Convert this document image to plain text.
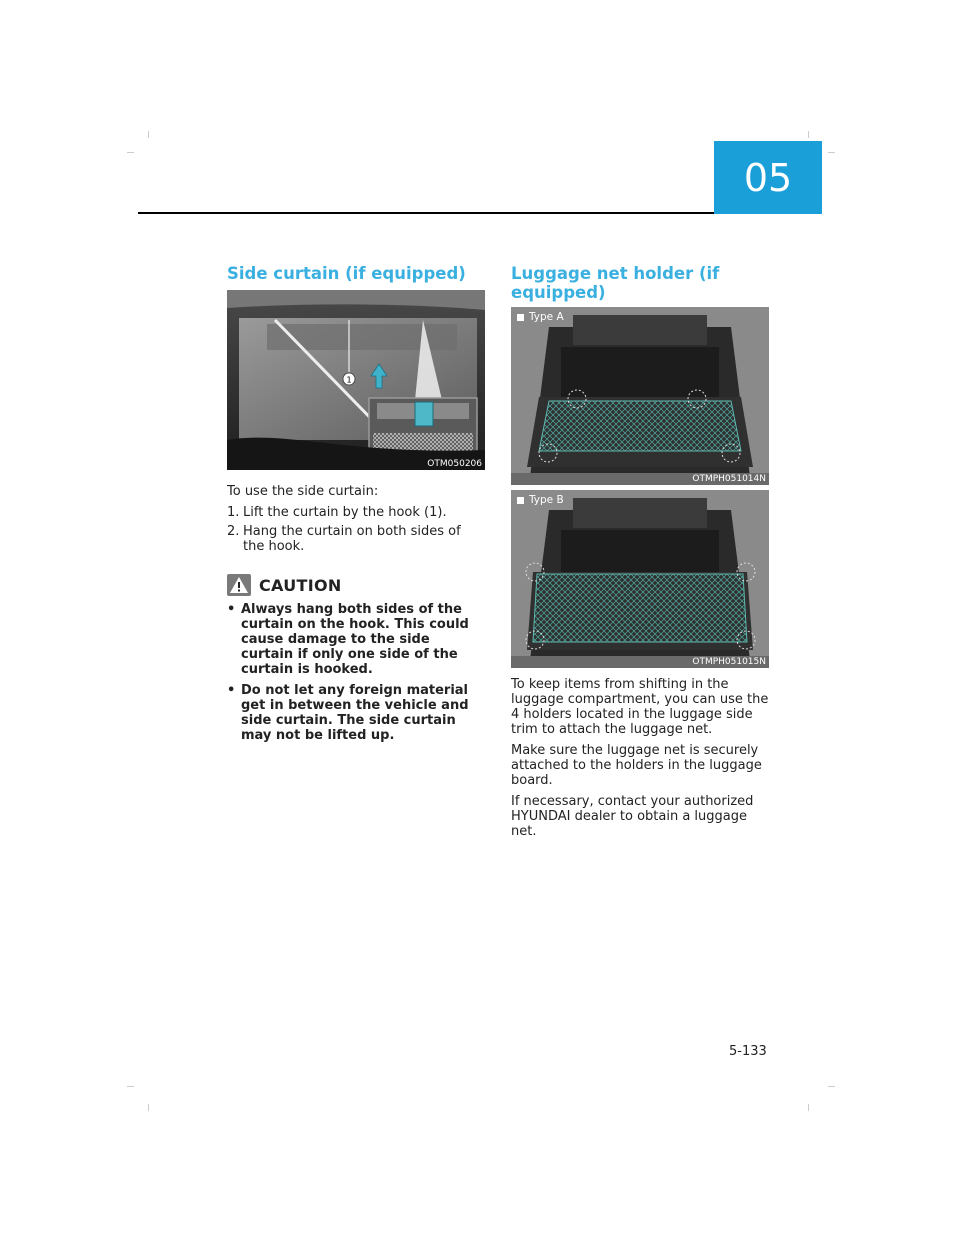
05
Side curtain (if equipped)
1
OTM050206

To use the side curtain:

1. Lift the curtain by the hook (1).
2. Hang the curtain on both sides of the hook.
CAUTION
• Always hang both sides of the curtain on the hook. This could cause damage to the side curtain if only one side of the curtain is hooked.
• Do not let any foreign material get in between the vehicle and side curtain. The side curtain may not be lifted up.
Luggage net holder (if equipped)
Type A
OTMPH051014N
Type B
OTMPH051015N

To keep items from shifting in the luggage compartment, you can use the 4 holders located in the luggage side trim to attach the luggage net.

Make sure the luggage net is securely attached to the holders in the luggage board.

If necessary, contact your authorized HYUNDAI dealer to obtain a luggage net.

5-133
